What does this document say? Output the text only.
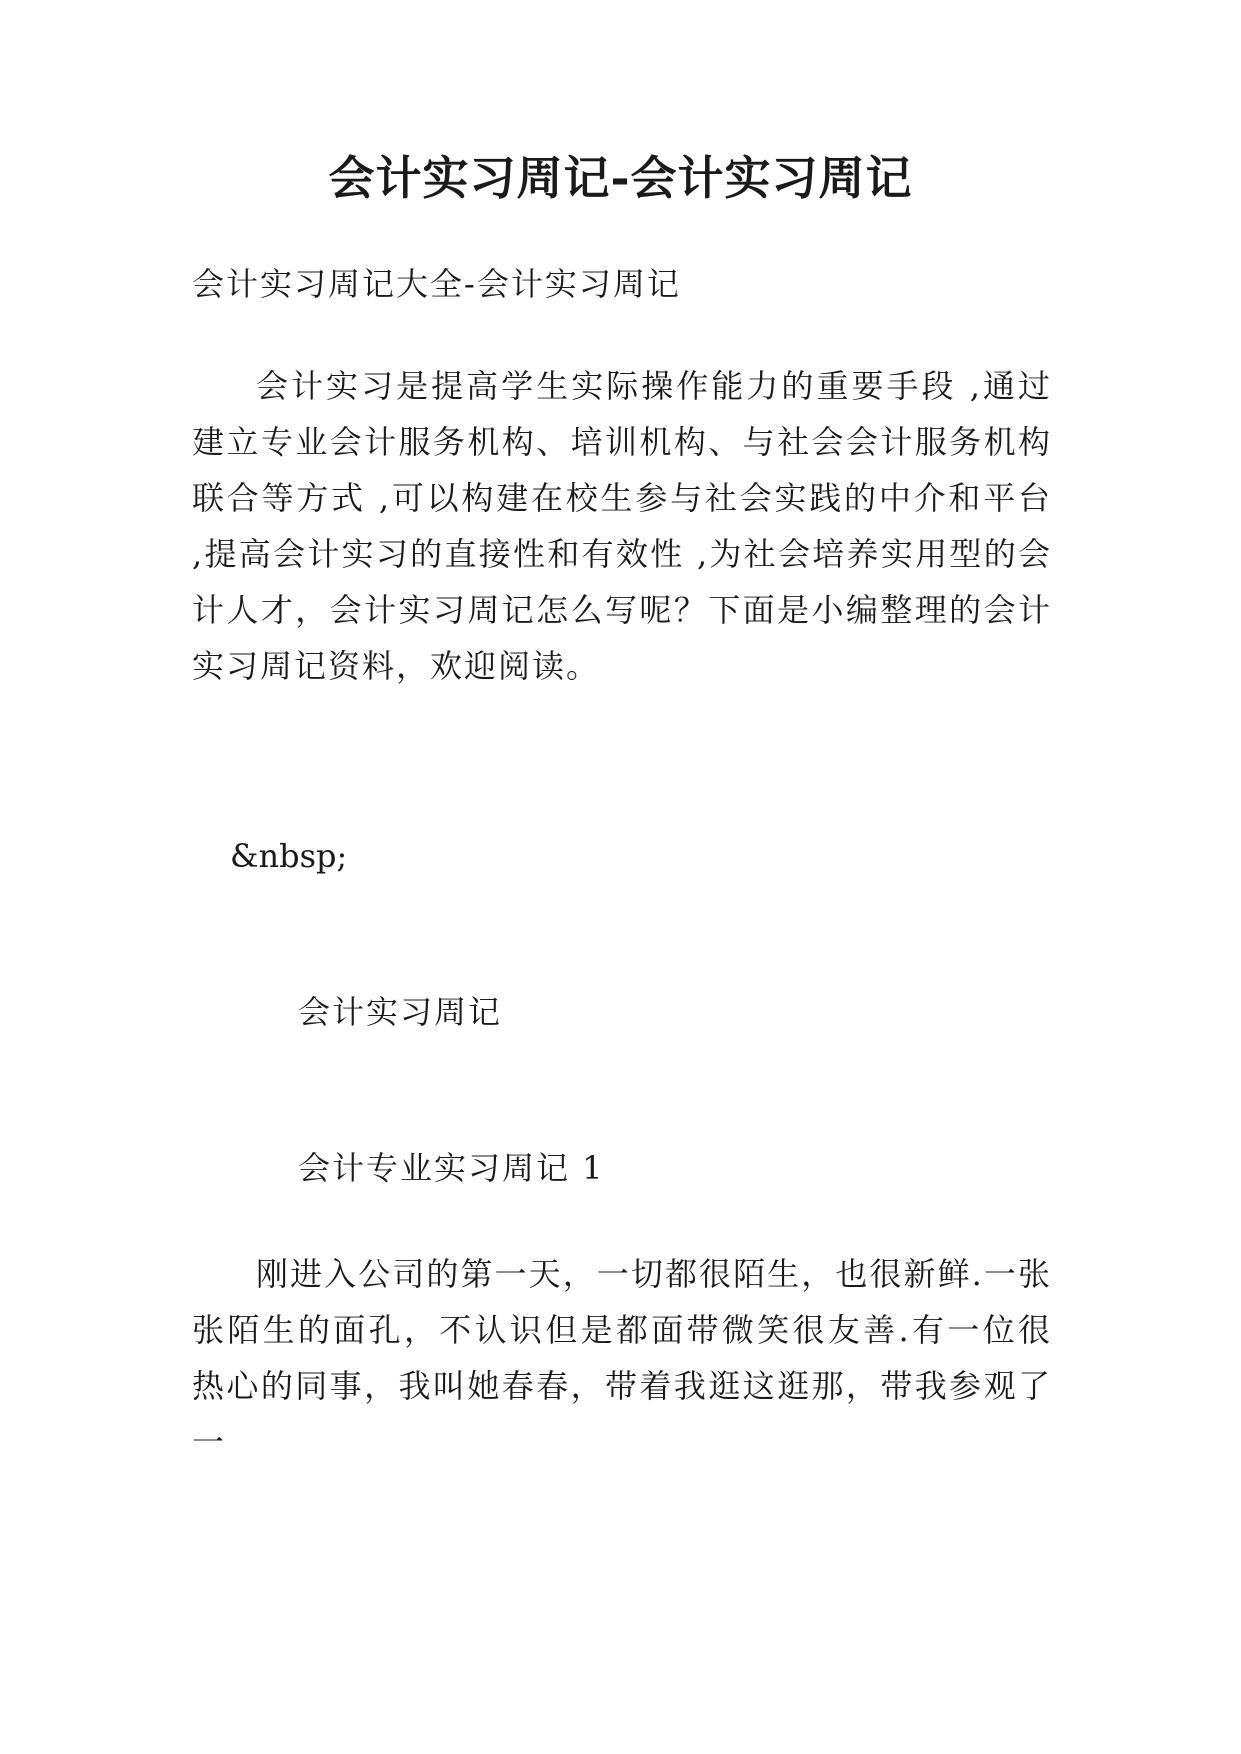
会计实习周记-会计实习周记
会计实习周记大全-会计实习周记

会计实习是提高学生实际操作能力的重要手段 ,通过建立专业会计服务机构、培训机构、与社会会计服务机构联合等方式 ,可以构建在校生参与社会实践的中介和平台 ,提高会计实习的直接性和有效性 ,为社会培养实用型的会计人才，会计实习周记怎么写呢？下面是小编整理的会计实习周记资料，欢迎阅读。

&nbsp;
会计实习周记
会计专业实习周记 1

刚进入公司的第一天，一切都很陌生，也很新鲜.一张张陌生的面孔，不认识但是都面带微笑很友善.有一位很热心的同事，我叫她春春，带着我逛这逛那，带我参观了一
